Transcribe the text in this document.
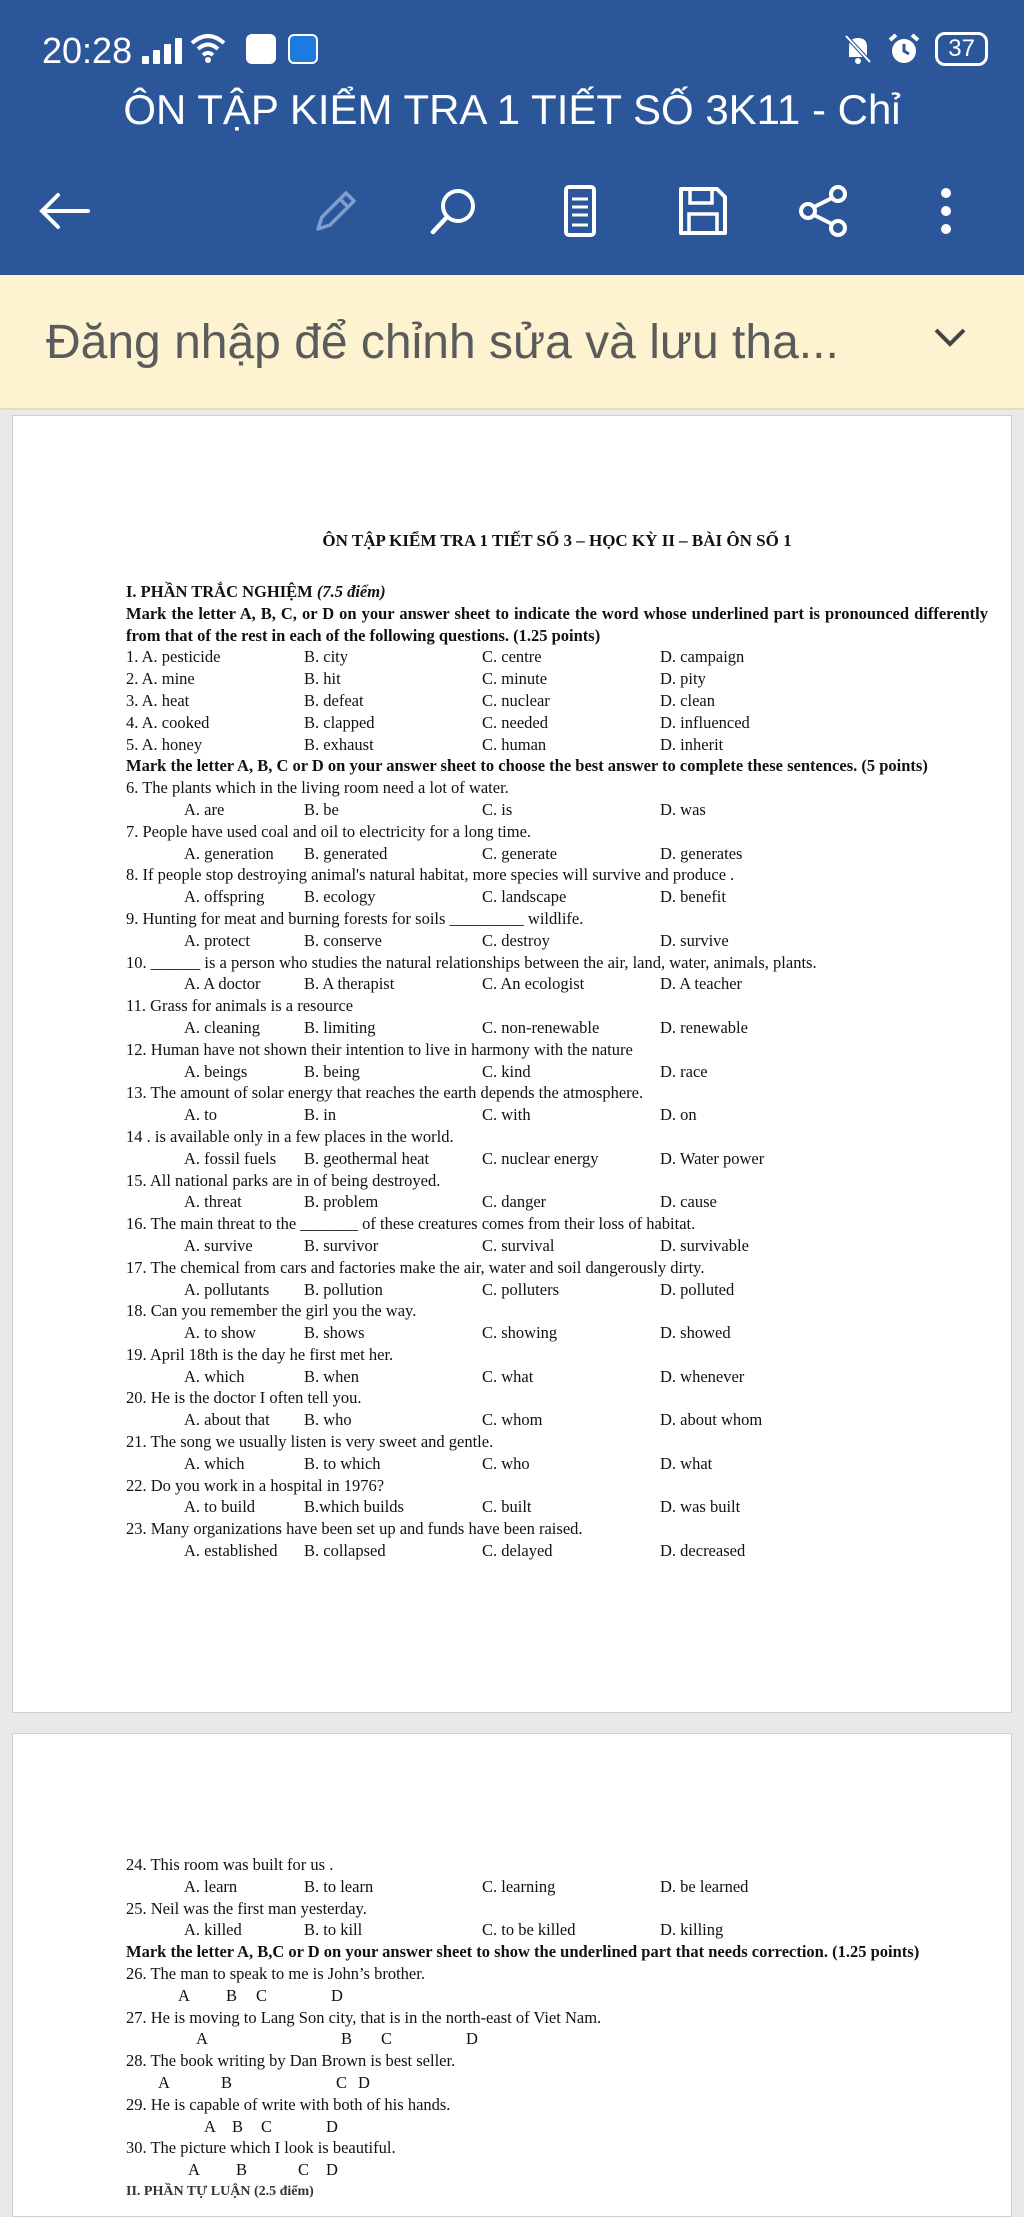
20:28	37
ÔN TẬP KIỂM TRA 1 TIẾT SỐ 3K11 - Chỉ
Đăng nhập để chỉnh sửa và lưu tha...
ÔN TẬP KIỂM TRA 1 TIẾT SỐ 3 – HỌC KỲ II – BÀI ÔN SỐ 1
I. PHẦN TRẮC NGHIỆM (7.5 điểm)
Mark the letter A, B, C, or D on your answer sheet to indicate the word whose underlined part is pronounced differently from that of the rest in each of the following questions. (1.25 points)
1. A. pesticide	B. city	C. centre	D. campaign
2. A. mine	B. hit	C. minute	D. pity
3. A. heat	B. defeat	C. nuclear	D. clean
4. A. cooked	B. clapped	C. needed	D. influenced
5. A. honey	B. exhaust	C. human	D. inherit
Mark the letter A, B, C or D on your answer sheet to choose the best answer to complete these sentences. (5 points)
6. The plants which in the living room need a lot of water.
A. are	B. be	C. is	D. was
7. People have used coal and oil to electricity for a long time.
A. generation	B. generated	C. generate	D. generates
8. If people stop destroying animal's natural habitat, more species will survive and produce .
A. offspring	B. ecology	C. landscape	D. benefit
9. Hunting for meat and burning forests for soils _________ wildlife.
A. protect	B. conserve	C. destroy	D. survive
10. ______ is a person who studies the natural relationships between the air, land, water, animals, plants.
A. A doctor	B. A therapist	C. An ecologist	D. A teacher
11. Grass for animals is a resource
A. cleaning	B. limiting	C. non-renewable	D. renewable
12. Human have not shown their intention to live in harmony with the nature
A. beings	B. being	C. kind	D. race
13. The amount of solar energy that reaches the earth depends the atmosphere.
A. to	B. in	C. with	D. on
14 . is available only in a few places in the world.
A. fossil fuels	B. geothermal heat	C. nuclear energy	D. Water power
15. All national parks are in of being destroyed.
A. threat	B. problem	C. danger	D. cause
16. The main threat to the _______ of these creatures comes from their loss of habitat.
A. survive	B. survivor	C. survival	D. survivable
17. The chemical from cars and factories make the air, water and soil dangerously dirty.
A. pollutants	B. pollution	C. polluters	D. polluted
18. Can you remember the girl you the way.
A. to show	B. shows	C. showing	D. showed
19. April 18th is the day he first met her.
A. which	B. when	C. what	D. whenever
20. He is the doctor I often tell you.
A. about that	B. who	C. whom	D. about whom
21. The song we usually listen is very sweet and gentle.
A. which	B. to which	C. who	D. what
22. Do you work in a hospital in 1976?
A. to build	B.which builds	C. built	D. was built
23. Many organizations have been set up and funds have been raised.
A. established	B. collapsed	C. delayed	D. decreased
24. This room was built for us .
A. learn	B. to learn	C. learning	D. be learned
25. Neil was the first man yesterday.
A. killed	B. to kill	C. to be killed	D. killing
Mark the letter A, B,C or D on your answer sheet to show the underlined part that needs correction. (1.25 points)
26. The man to speak to me is John’s brother.
A B C	D
27. He is moving to Lang Son city, that is in the north-east of Viet Nam.
A	B C	D
28. The book writing by Dan Brown is best seller.
A	B	C D
29. He is capable of write with both of his hands.
A B C	D
30. The picture which I look is beautiful.
A B	C D
II. PHẦN TỰ LUẬN (2.5 điểm)
